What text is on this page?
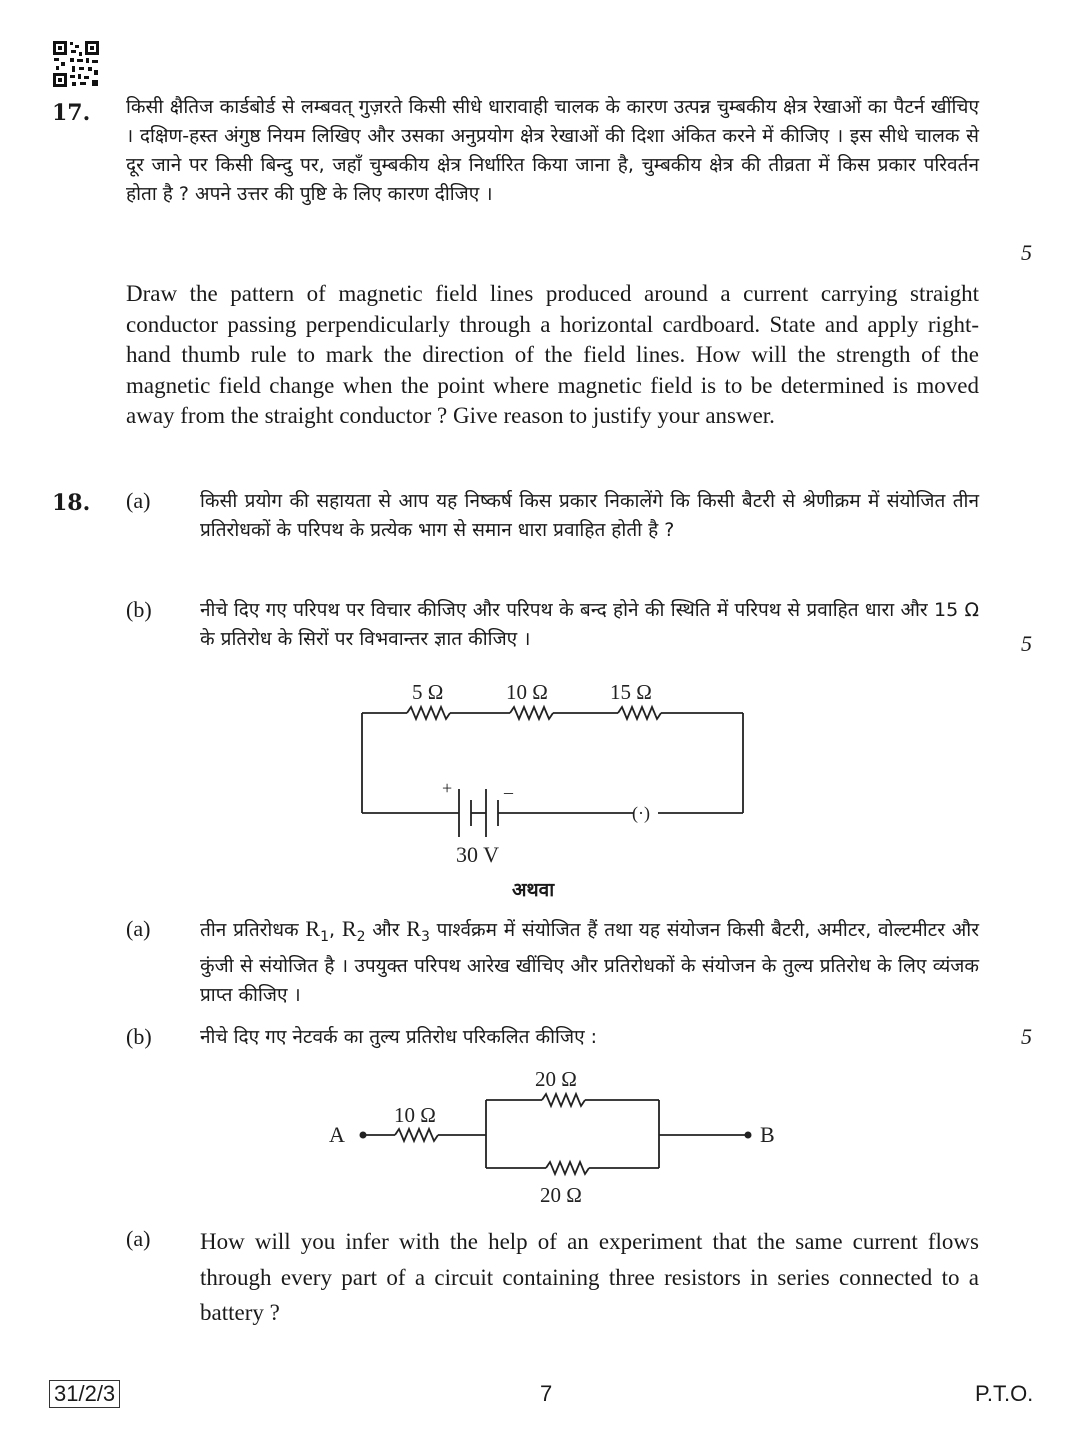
17. किसी क्षैतिज कार्डबोर्ड से लम्बवत् गुज़रते किसी सीधे धारावाही चालक के कारण उत्पन्न चुम्बकीय क्षेत्र रेखाओं का पैटर्न खींचिए । दक्षिण-हस्त अंगुष्ठ नियम लिखिए और उसका अनुप्रयोग क्षेत्र रेखाओं की दिशा अंकित करने में कीजिए । इस सीधे चालक से दूर जाने पर किसी बिन्दु पर, जहाँ चुम्बकीय क्षेत्र निर्धारित किया जाना है, चुम्बकीय क्षेत्र की तीव्रता में किस प्रकार परिवर्तन होता है ? अपने उत्तर की पुष्टि के लिए कारण दीजिए ।
5
Draw the pattern of magnetic field lines produced around a current carrying straight conductor passing perpendicularly through a horizontal cardboard. State and apply right-hand thumb rule to mark the direction of the field lines. How will the strength of the magnetic field change when the point where magnetic field is to be determined is moved away from the straight conductor ? Give reason to justify your answer.
18. (a)	किसी प्रयोग की सहायता से आप यह निष्कर्ष किस प्रकार निकालेंगे कि किसी बैटरी से श्रेणीक्रम में संयोजित तीन प्रतिरोधकों के परिपथ के प्रत्येक भाग से समान धारा प्रवाहित होती है ?
(b)	नीचे दिए गए परिपथ पर विचार कीजिए और परिपथ के बन्द होने की स्थिति में परिपथ से प्रवाहित धारा और 15 Ω के प्रतिरोध के सिरों पर विभवान्तर ज्ञात कीजिए ।	5
(·)
5 Ω	10 Ω	15 Ω
+	–
30 V
अथवा
(a)	तीन प्रतिरोधक $R_1$, $R_2$ और $R_3$ पार्श्वक्रम में संयोजित हैं तथा यह संयोजन किसी बैटरी, अमीटर, वोल्टमीटर और कुंजी से संयोजित है । उपयुक्त परिपथ आरेख खींचिए और प्रतिरोधकों के संयोजन के तुल्य प्रतिरोध के लिए व्यंजक प्राप्त कीजिए ।
(b)	नीचे दिए गए नेटवर्क का तुल्य प्रतिरोध परिकलित कीजिए :	5
A	B
10 Ω
20 Ω
20 Ω
(a) How will you infer with the help of an experiment that the same current flows through every part of a circuit containing three resistors in series connected to a battery ?
31/2/3	7	P.T.O.
